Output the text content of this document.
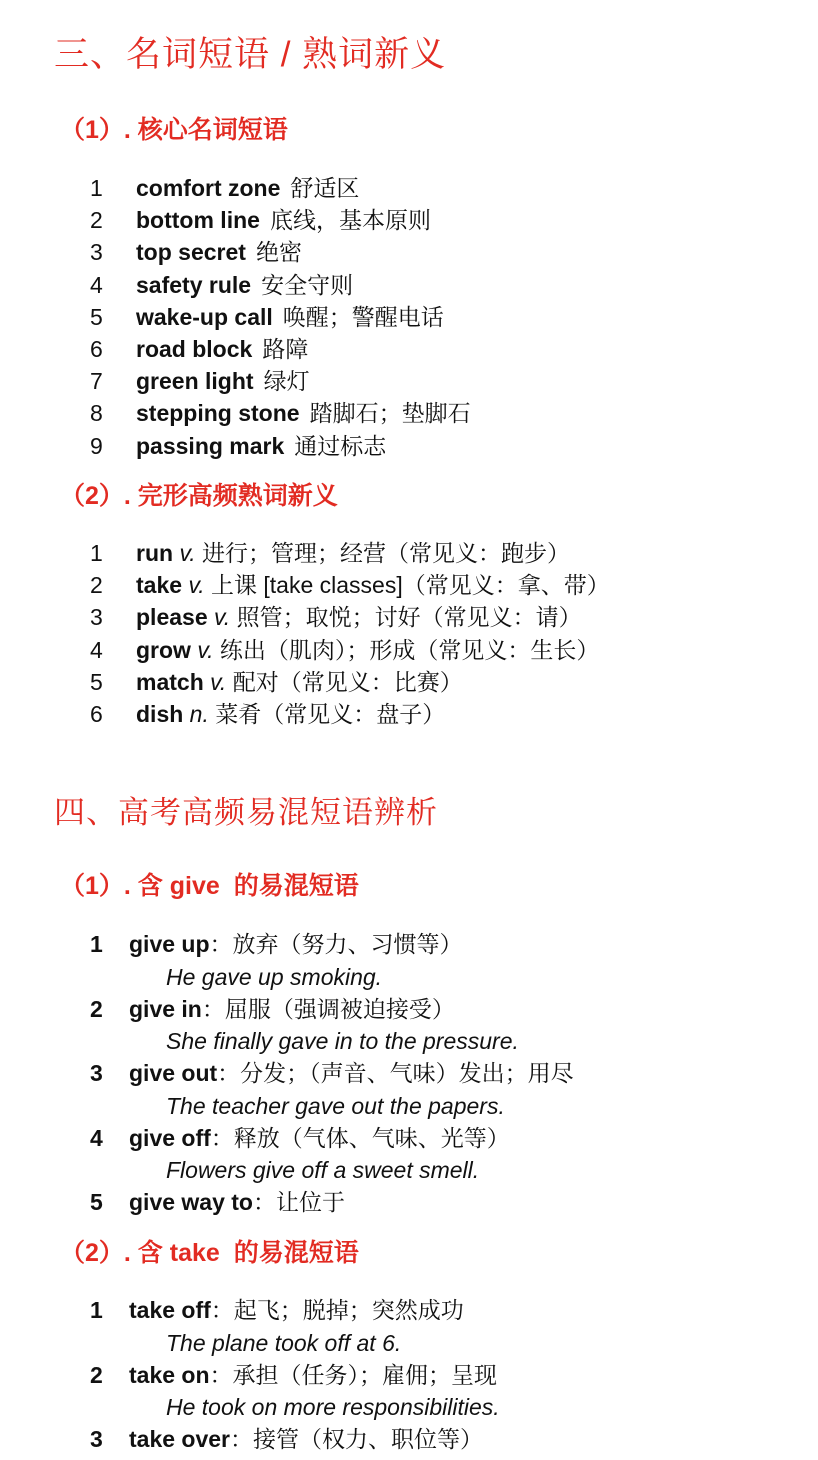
三、名词短语 / 熟词新义
（1）. 核心名词短语
1	comfort zone 舒适区
2	bottom line 底线，基本原则
3	top secret 绝密
4	safety rule 安全守则
5	wake-up call 唤醒；警醒电话
6	road block 路障
7	green light 绿灯
8	stepping stone 踏脚石；垫脚石
9	passing mark 通过标志
（2）. 完形高频熟词新义
1	run v. 进行；管理；经营（常见义：跑步）
2	take v. 上课 [take classes]（常见义：拿、带）
3	please v. 照管；取悦；讨好（常见义：请）
4	grow v. 练出（肌肉）；形成（常见义：生长）
5	match v. 配对（常见义：比赛）
6	dish n. 菜肴（常见义：盘子）
四、高考高频易混短语辨析
（1）. 含 give 的易混短语
1 give up：放弃（努力、习惯等）
He gave up smoking.
2 give in：屈服（强调被迫接受）
She finally gave in to the pressure.
3 give out：分发；（声音、气味）发出；用尽
The teacher gave out the papers.
4 give off：释放（气体、气味、光等）
Flowers give off a sweet smell.
5 give way to：让位于
（2）. 含 take 的易混短语
1 take off：起飞；脱掉；突然成功
The plane took off at 6.
2 take on：承担（任务）；雇佣；呈现
He took on more responsibilities.
3 take over：接管（权力、职位等）
